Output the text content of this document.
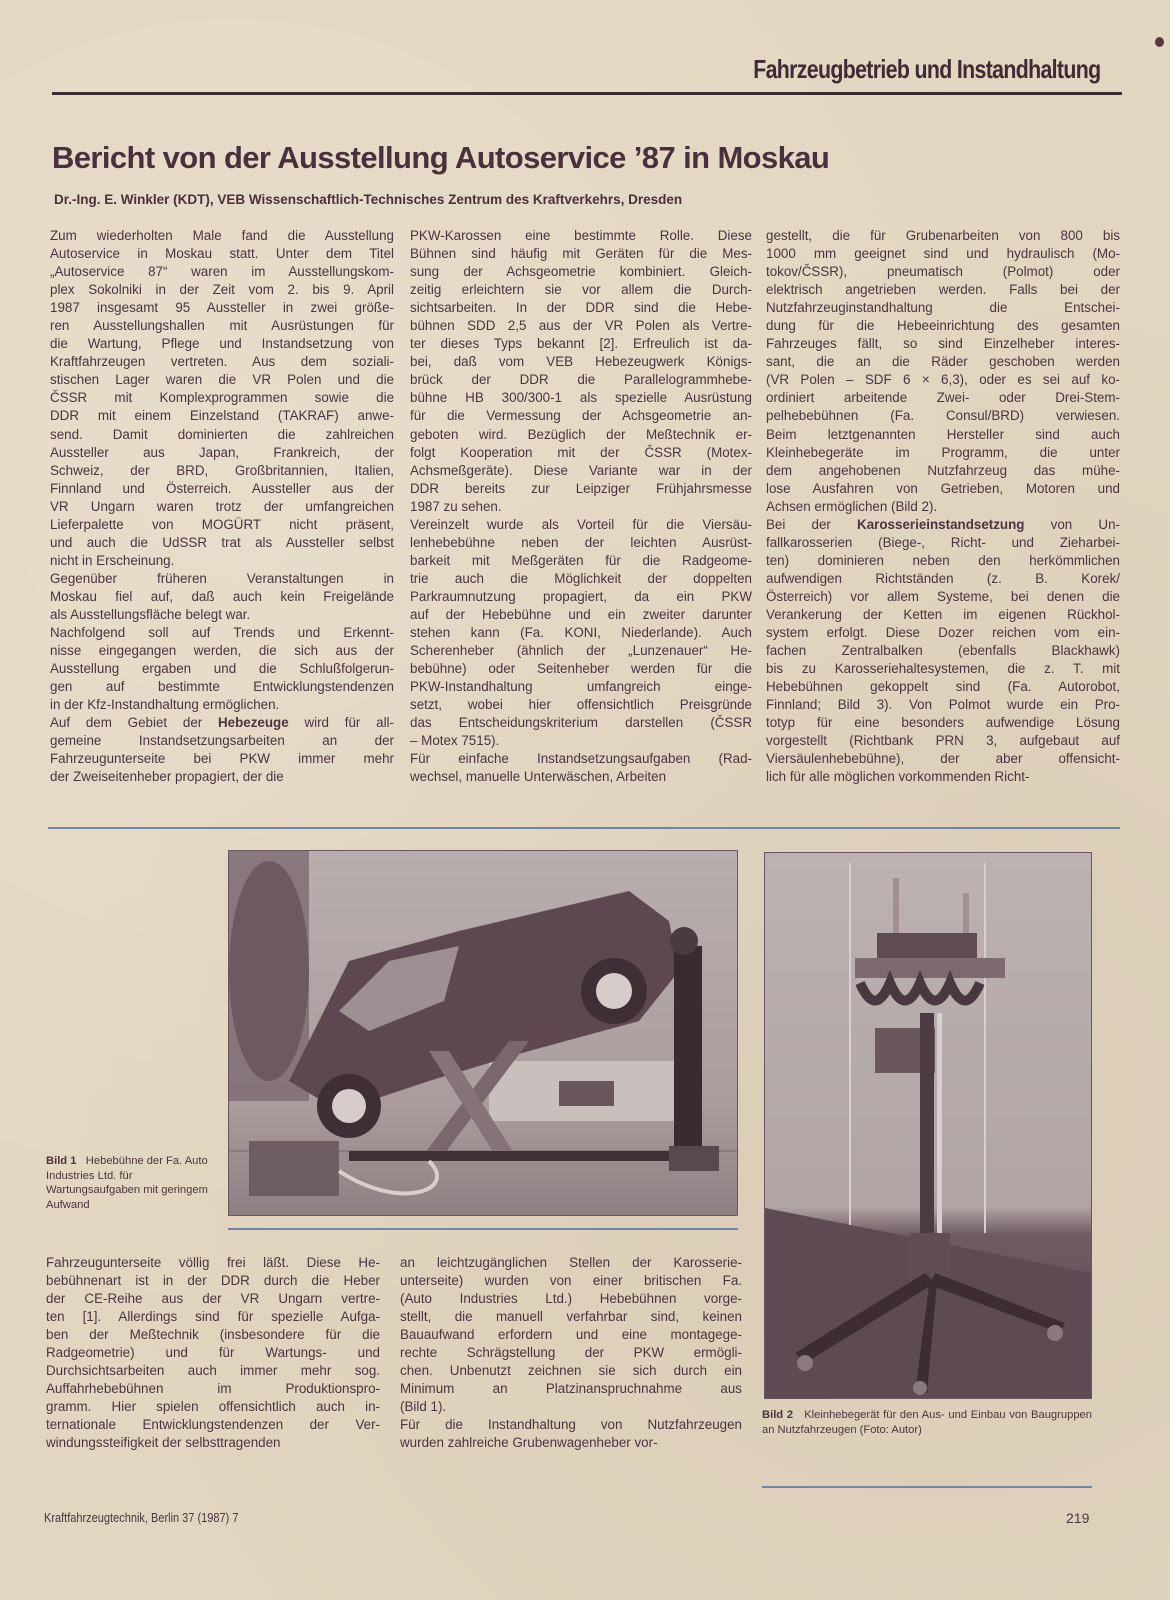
Fahrzeugbetrieb und Instandhaltung
Bericht von der Ausstellung Autoservice ’87 in Moskau
Dr.-Ing. E. Winkler (KDT), VEB Wissenschaftlich-Technisches Zentrum des Kraftverkehrs, Dresden

Zum wiederholten Male fand die Ausstellung
Autoservice in Moskau statt. Unter dem Titel
„Autoservice 87“ waren im Ausstellungskom-
plex Sokolniki in der Zeit vom 2. bis 9. April
1987 insgesamt 95 Aussteller in zwei größe-
ren Ausstellungshallen mit Ausrüstungen für
die Wartung, Pflege und Instandsetzung von
Kraftfahrzeugen vertreten. Aus dem soziali-
stischen Lager waren die VR Polen und die
ČSSR mit Komplexprogrammen sowie die
DDR mit einem Einzelstand (TAKRAF) anwe-
send. Damit dominierten die zahlreichen
Aussteller aus Japan, Frankreich, der
Schweiz, der BRD, Großbritannien, Italien,
Finnland und Österreich. Aussteller aus der
VR Ungarn waren trotz der umfangreichen
Lieferpalette von MOGÜRT nicht präsent,
und auch die UdSSR trat als Aussteller selbst
nicht in Erscheinung.

Gegenüber früheren Veranstaltungen in
Moskau fiel auf, daß auch kein Freigelände
als Ausstellungsfläche belegt war.

Nachfolgend soll auf Trends und Erkennt-
nisse eingegangen werden, die sich aus der
Ausstellung ergaben und die Schlußfolgerun-
gen auf bestimmte Entwicklungstendenzen
in der Kfz-Instandhaltung ermöglichen.

Auf dem Gebiet der Hebezeuge wird für all-
gemeine Instandsetzungsarbeiten an der
Fahrzeugunterseite bei PKW immer mehr
der Zweiseitenheber propagiert, der die

PKW-Karossen eine bestimmte Rolle. Diese
Bühnen sind häufig mit Geräten für die Mes-
sung der Achsgeometrie kombiniert. Gleich-
zeitig erleichtern sie vor allem die Durch-
sichtsarbeiten. In der DDR sind die Hebe-
bühnen SDD 2,5 aus der VR Polen als Vertre-
ter dieses Typs bekannt [2]. Erfreulich ist da-
bei, daß vom VEB Hebezeugwerk Königs-
brück der DDR die Parallelogrammhebe-
bühne HB 300/300-1 als spezielle Ausrüstung
für die Vermessung der Achsgeometrie an-
geboten wird. Bezüglich der Meßtechnik er-
folgt Kooperation mit der ČSSR (Motex-
Achsmeßgeräte). Diese Variante war in der
DDR bereits zur Leipziger Frühjahrsmesse
1987 zu sehen.

Vereinzelt wurde als Vorteil für die Viersäu-
lenhebebühne neben der leichten Ausrüst-
barkeit mit Meßgeräten für die Radgeome-
trie auch die Möglichkeit der doppelten
Parkraumnutzung propagiert, da ein PKW
auf der Hebebühne und ein zweiter darunter
stehen kann (Fa. KONI, Niederlande). Auch
Scherenheber (ähnlich der „Lunzenauer“ He-
bebühne) oder Seitenheber werden für die
PKW-Instandhaltung umfangreich einge-
setzt, wobei hier offensichtlich Preisgründe
das Entscheidungskriterium darstellen (ČSSR
– Motex 7515).

Für einfache Instandsetzungsaufgaben (Rad-
wechsel, manuelle Unterwäschen, Arbeiten

gestellt, die für Grubenarbeiten von 800 bis
1000 mm geeignet sind und hydraulisch (Mo-
tokov/ČSSR), pneumatisch (Polmot) oder
elektrisch angetrieben werden. Falls bei der
Nutzfahrzeuginstandhaltung die Entschei-
dung für die Hebeeinrichtung des gesamten
Fahrzeuges fällt, so sind Einzelheber interes-
sant, die an die Räder geschoben werden
(VR Polen – SDF 6 × 6,3), oder es sei auf ko-
ordiniert arbeitende Zwei- oder Drei-Stem-
pelhebebühnen (Fa. Consul/BRD) verwiesen.
Beim letztgenannten Hersteller sind auch
Kleinhebegeräte im Programm, die unter
dem angehobenen Nutzfahrzeug das mühe-
lose Ausfahren von Getrieben, Motoren und
Achsen ermöglichen (Bild 2).

Bei der Karosserieinstandsetzung von Un-
fallkarosserien (Biege-, Richt- und Zieharbei-
ten) dominieren neben den herkömmlichen
aufwendigen Richtständen (z. B. Korek/
Österreich) vor allem Systeme, bei denen die
Verankerung der Ketten im eigenen Rückhol-
system erfolgt. Diese Dozer reichen vom ein-
fachen Zentralbalken (ebenfalls Blackhawk)
bis zu Karosseriehaltesystemen, die z. T. mit
Hebebühnen gekoppelt sind (Fa. Autorobot,
Finnland; Bild 3). Von Polmot wurde ein Pro-
totyp für eine besonders aufwendige Lösung
vorgestellt (Richtbank PRN 3, aufgebaut auf
Viersäulenhebebühne), der aber offensicht-
lich für alle möglichen vorkommenden Richt-

Bild 1 Hebebühne der Fa. Auto Industries Ltd. für Wartungsaufgaben mit geringem Aufwand
Bild 2 Kleinhebegerät für den Aus- und Einbau von Baugruppen an Nutzfahrzeugen (Foto: Autor)

Fahrzeugunterseite völlig frei läßt. Diese He-
bebühnenart ist in der DDR durch die Heber
der CE-Reihe aus der VR Ungarn vertre-
ten [1]. Allerdings sind für spezielle Aufga-
ben der Meßtechnik (insbesondere für die
Radgeometrie) und für Wartungs- und
Durchsichtsarbeiten auch immer mehr sog.
Auffahrhebebühnen im Produktionspro-
gramm. Hier spielen offensichtlich auch in-
ternationale Entwicklungstendenzen der Ver-
windungssteifigkeit der selbsttragenden

an leichtzugänglichen Stellen der Karosserie-
unterseite) wurden von einer britischen Fa.
(Auto Industries Ltd.) Hebebühnen vorge-
stellt, die manuell verfahrbar sind, keinen
Bauaufwand erfordern und eine montagege-
rechte Schrägstellung der PKW ermögli-
chen. Unbenutzt zeichnen sie sich durch ein
Minimum an Platzinanspruchnahme aus
(Bild 1).

Für die Instandhaltung von Nutzfahrzeugen
wurden zahlreiche Grubenwagenheber vor-

Kraftfahrzeugtechnik, Berlin 37 (1987) 7	219
